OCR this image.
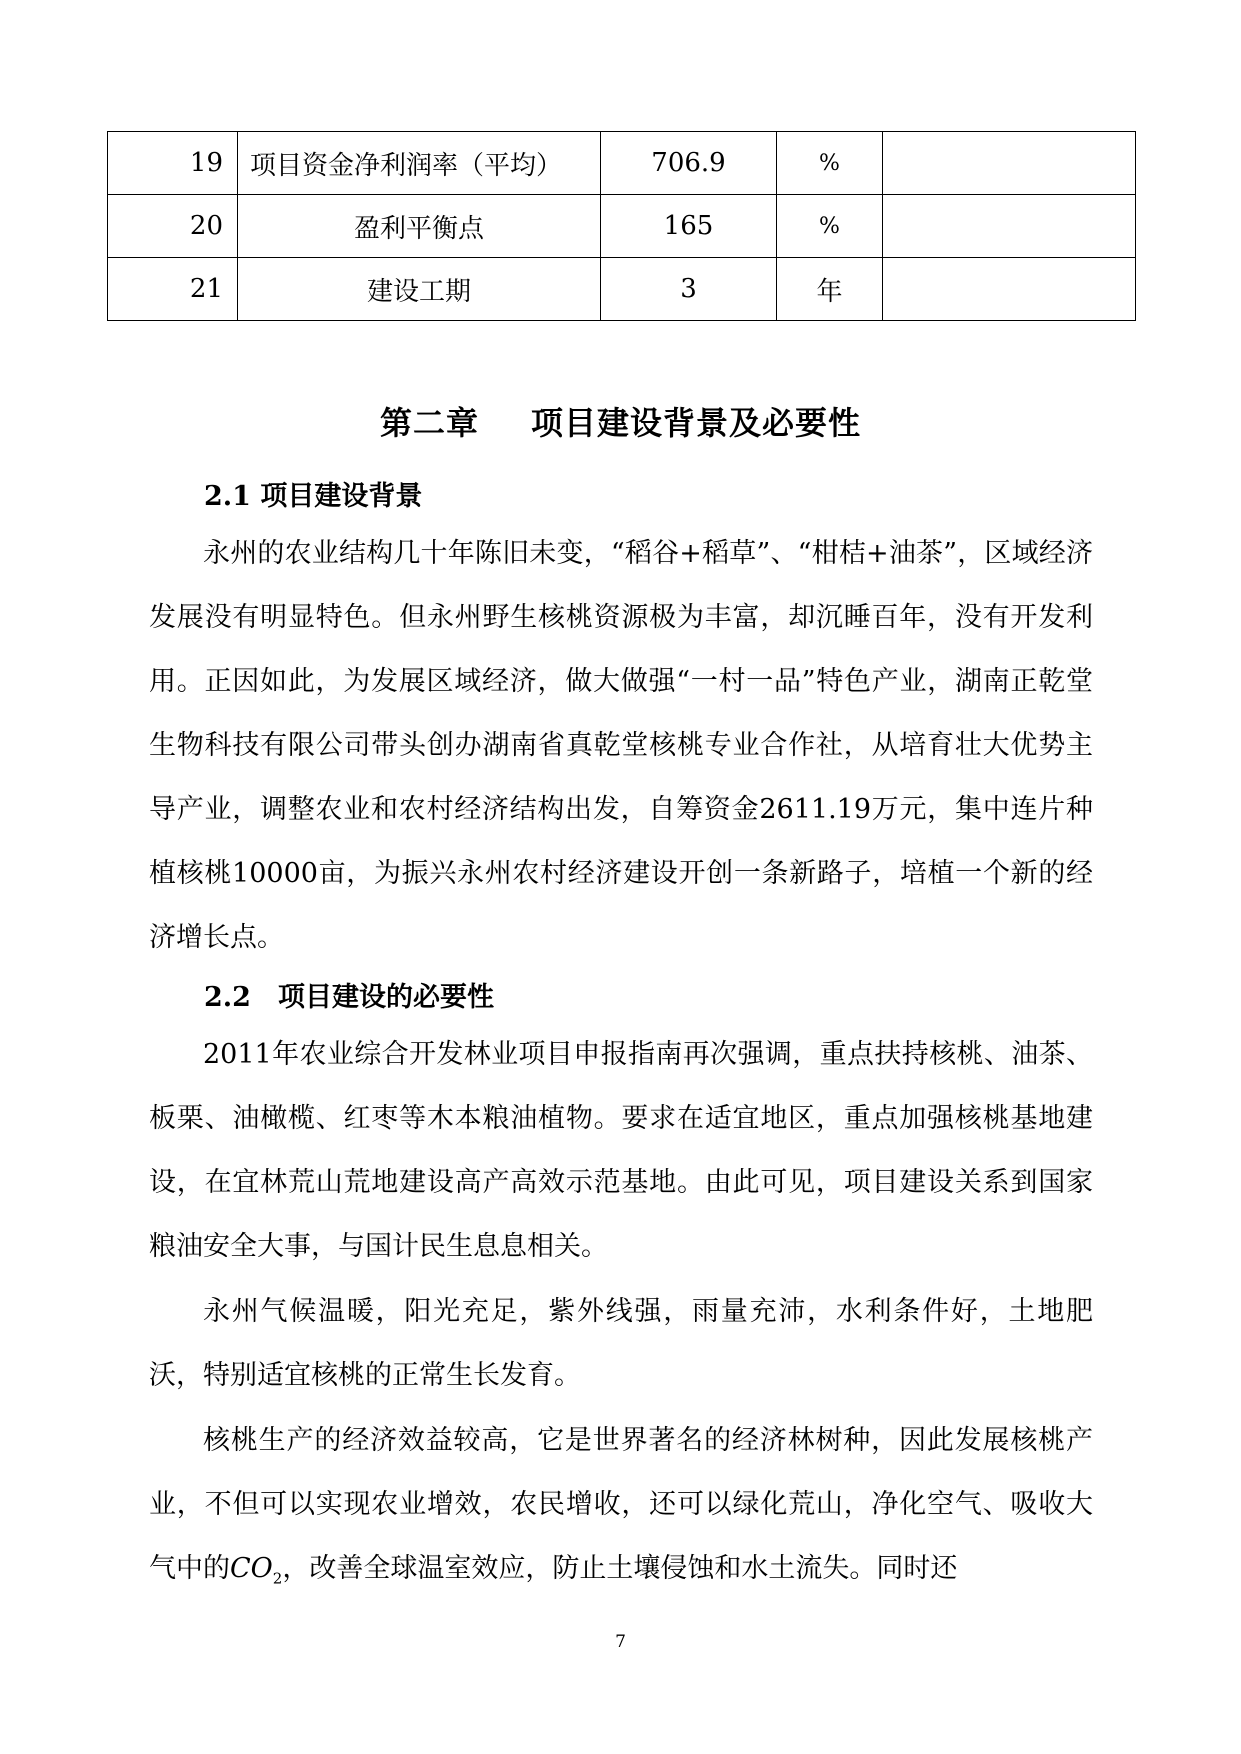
19	项目资金净利润率（平均）	706.9	%	
20	盈利平衡点	165	%	
21	建设工期	3	年	
第二章 项目建设背景及必要性
2.1 项目建设背景

永州的农业结构几十年陈旧未变，“稻谷+稻草”、“柑桔+油茶”，区域经济发展没有明显特色。但永州野生核桃资源极为丰富，却沉睡百年，没有开发利用。正因如此，为发展区域经济，做大做强“一村一品”特色产业，湖南正乾堂生物科技有限公司带头创办湖南省真乾堂核桃专业合作社，从培育壮大优势主导产业，调整农业和农村经济结构出发，自筹资金2611.19万元，集中连片种植核桃10000亩，为振兴永州农村经济建设开创一条新路子，培植一个新的经济增长点。

2.2　项目建设的必要性

2011年农业综合开发林业项目申报指南再次强调，重点扶持核桃、油茶、板栗、油橄榄、红枣等木本粮油植物。要求在适宜地区，重点加强核桃基地建设，在宜林荒山荒地建设高产高效示范基地。由此可见，项目建设关系到国家粮油安全大事，与国计民生息息相关。

永州气候温暖，阳光充足，紫外线强，雨量充沛，水利条件好，土地肥沃，特别适宜核桃的正常生长发育。

核桃生产的经济效益较高，它是世界著名的经济林树种，因此发展核桃产业，不但可以实现农业增效，农民增收，还可以绿化荒山，净化空气、吸收大气中的$CO_2$，改善全球温室效应，防止土壤侵蚀和水土流失。同时还

7
